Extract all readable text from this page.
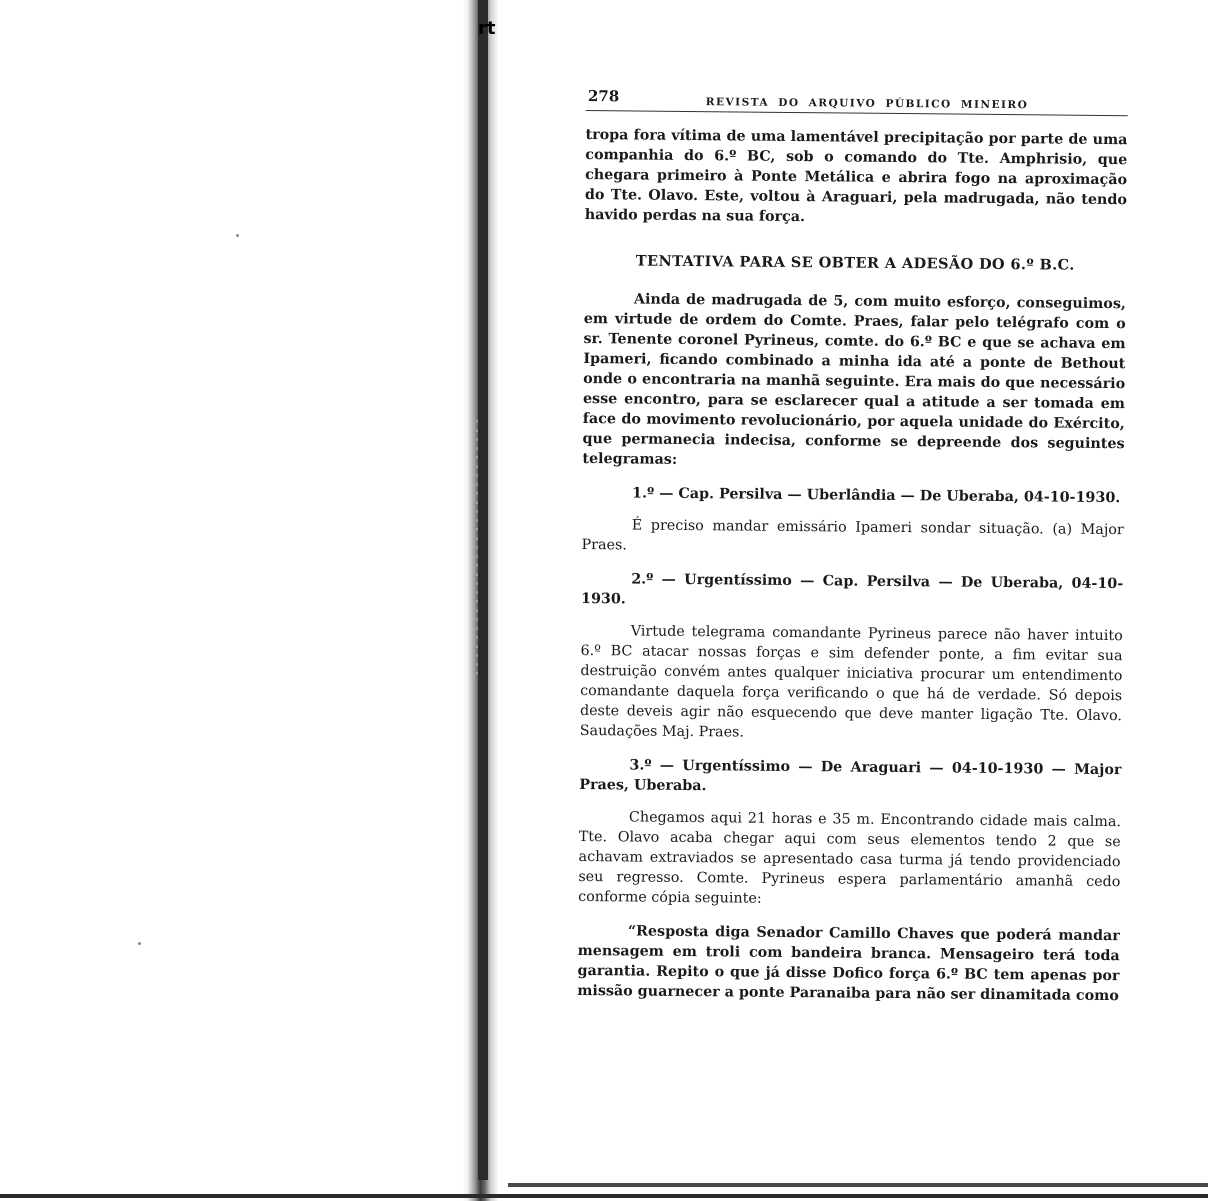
rt
278	REVISTA DO ARQUIVO PÚBLICO MINEIRO

tropa fora vítima de uma lamentável precipitação por parte de uma companhia do 6.º BC, sob o comando do Tte. Amphrisio, que chegara primeiro à Ponte Metálica e abrira fogo na aproximação do Tte. Olavo. Este, voltou à Araguari, pela madrugada, não tendo havido perdas na sua força.

TENTATIVA PARA SE OBTER A ADESÃO DO 6.º B.C.

Ainda de madrugada de 5, com muito esforço, conseguimos, em virtude de ordem do Comte. Praes, falar pelo telégrafo com o sr. Tenente coronel Pyrineus, comte. do 6.º BC e que se achava em Ipameri, ficando combinado a minha ida até a ponte de Bethout onde o encontraria na manhã seguinte. Era mais do que necessário esse encontro, para se esclarecer qual a atitude a ser tomada em face do movimento revolucionário, por aquela unidade do Exército, que permanecia indecisa, conforme se depreende dos seguintes telegramas:

1.º — Cap. Persilva — Uberlândia — De Uberaba, 04-10-1930.

É preciso mandar emissário Ipameri sondar situação. (a) Major Praes.

2.º — Urgentíssimo — Cap. Persilva — De Uberaba, 04-10-1930.

Virtude telegrama comandante Pyrineus parece não haver intuito 6.º BC atacar nossas forças e sim defender ponte, a fim evitar sua destruição convém antes qualquer iniciativa procurar um entendimento comandante daquela força verificando o que há de verdade. Só depois deste deveis agir não esquecendo que deve manter ligação Tte. Olavo. Saudações Maj. Praes.

3.º — Urgentíssimo — De Araguari — 04-10-1930 — Major Praes, Uberaba.

Chegamos aqui 21 horas e 35 m. Encontrando cidade mais calma. Tte. Olavo acaba chegar aqui com seus elementos tendo 2 que se achavam extraviados se apresentado casa turma já tendo providenciado seu regresso. Comte. Pyrineus espera parlamentário amanhã cedo conforme cópia seguinte:

“Resposta diga Senador Camillo Chaves que poderá mandar mensagem em troli com bandeira branca. Mensageiro terá toda garantia. Repito o que já disse Dofico força 6.º BC tem apenas por missão guarnecer a ponte Paranaiba para não ser dinamitada como
